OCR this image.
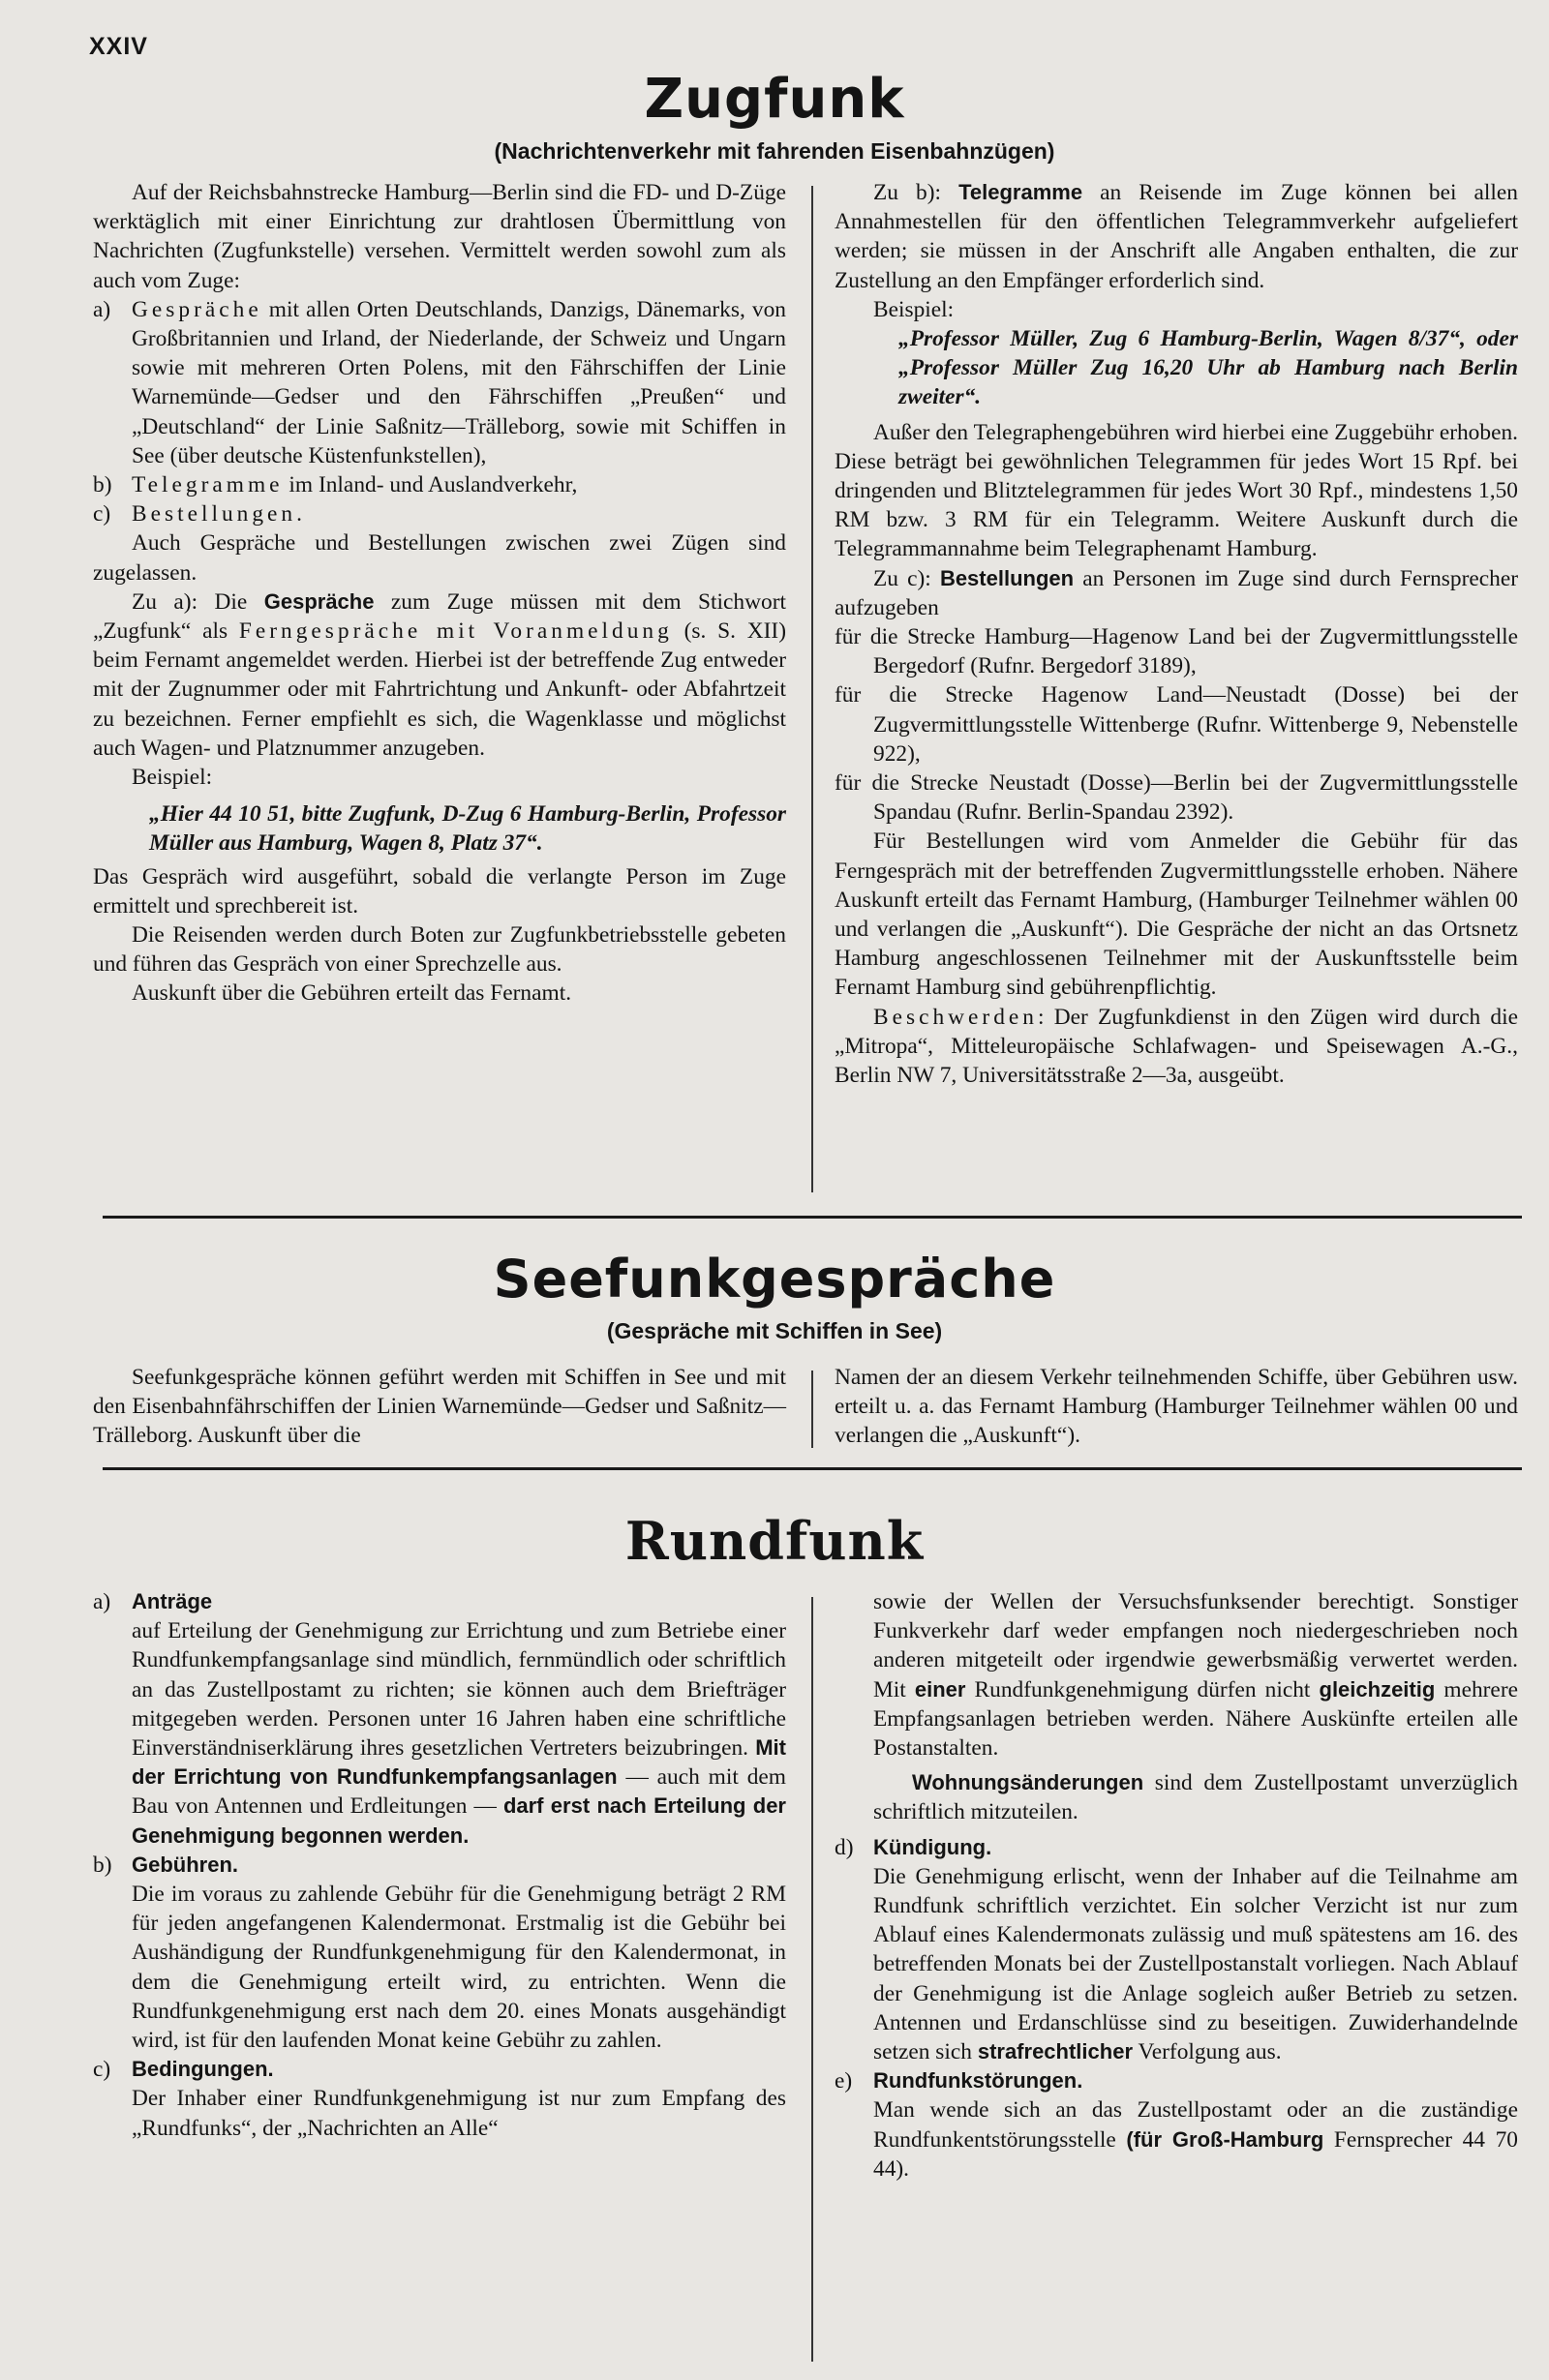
XXIV
Zugfunk
(Nachrichtenverkehr mit fahrenden Eisenbahnzügen)

Auf der Reichsbahnstrecke Hamburg—Berlin sind die FD- und D-Züge werktäglich mit einer Einrichtung zur drahtlosen Übermittlung von Nachrichten (Zugfunkstelle) versehen. Vermittelt werden sowohl zum als auch vom Zuge:

a) Gespräche mit allen Orten Deutschlands, Danzigs, Dänemarks, von Großbritannien und Irland, der Niederlande, der Schweiz und Ungarn sowie mit mehreren Orten Polens, mit den Fährschiffen der Linie Warnemünde—Gedser und den Fährschiffen „Preußen“ und „Deutschland“ der Linie Saßnitz—Trälleborg, sowie mit Schiffen in See (über deutsche Küstenfunkstellen),
b) Telegramme im Inland- und Auslandverkehr,
c) Bestellungen.

Auch Gespräche und Bestellungen zwischen zwei Zügen sind zugelassen.

Zu a): Die Gespräche zum Zuge müssen mit dem Stichwort „Zugfunk“ als Ferngespräche mit Voranmeldung (s. S. XII) beim Fernamt angemeldet werden. Hierbei ist der betreffende Zug entweder mit der Zugnummer oder mit Fahrtrichtung und Ankunft- oder Abfahrtzeit zu bezeichnen. Ferner empfiehlt es sich, die Wagenklasse und möglichst auch Wagen- und Platznummer anzugeben.

Beispiel:

„Hier 44 10 51, bitte Zugfunk, D-Zug 6 Hamburg-Berlin, Professor Müller aus Hamburg, Wagen 8, Platz 37“.

Das Gespräch wird ausgeführt, sobald die verlangte Person im Zuge ermittelt und sprechbereit ist.

Die Reisenden werden durch Boten zur Zugfunkbetriebsstelle gebeten und führen das Gespräch von einer Sprechzelle aus.

Auskunft über die Gebühren erteilt das Fernamt.

Zu b): Telegramme an Reisende im Zuge können bei allen Annahmestellen für den öffentlichen Telegrammverkehr aufgeliefert werden; sie müssen in der Anschrift alle Angaben enthalten, die zur Zustellung an den Empfänger erforderlich sind.

Beispiel:

„Professor Müller, Zug 6 Hamburg-Berlin, Wagen 8/37“, oder „Professor Müller Zug 16,20 Uhr ab Hamburg nach Berlin zweiter“.

Außer den Telegraphengebühren wird hierbei eine Zuggebühr erhoben. Diese beträgt bei gewöhnlichen Telegrammen für jedes Wort 15 Rpf. bei dringenden und Blitztelegrammen für jedes Wort 30 Rpf., mindestens 1,50 RM bzw. 3 RM für ein Telegramm. Weitere Auskunft durch die Telegrammannahme beim Telegraphenamt Hamburg.

Zu c): Bestellungen an Personen im Zuge sind durch Fernsprecher aufzugeben

für die Strecke Hamburg—Hagenow Land bei der Zugvermittlungsstelle Bergedorf (Rufnr. Bergedorf 3189),

für die Strecke Hagenow Land—Neustadt (Dosse) bei der Zugvermittlungsstelle Wittenberge (Rufnr. Wittenberge 9, Nebenstelle 922),

für die Strecke Neustadt (Dosse)—Berlin bei der Zugvermittlungsstelle Spandau (Rufnr. Berlin-Spandau 2392).

Für Bestellungen wird vom Anmelder die Gebühr für das Ferngespräch mit der betreffenden Zugvermittlungsstelle erhoben. Nähere Auskunft erteilt das Fernamt Hamburg, (Hamburger Teilnehmer wählen 00 und verlangen die „Auskunft“). Die Gespräche der nicht an das Ortsnetz Hamburg angeschlossenen Teilnehmer mit der Auskunftsstelle beim Fernamt Hamburg sind gebührenpflichtig.

Beschwerden: Der Zugfunkdienst in den Zügen wird durch die „Mitropa“, Mitteleuropäische Schlafwagen- und Speisewagen A.-G., Berlin NW 7, Universitätsstraße 2—3a, ausgeübt.

Seefunkgespräche
(Gespräche mit Schiffen in See)

Seefunkgespräche können geführt werden mit Schiffen in See und mit den Eisenbahnfährschiffen der Linien Warnemünde—Gedser und Saßnitz—Trälleborg. Auskunft über die

Namen der an diesem Verkehr teilnehmenden Schiffe, über Gebühren usw. erteilt u. a. das Fernamt Hamburg (Hamburger Teilnehmer wählen 00 und verlangen die „Auskunft“).

Rundfunk
a) Anträge
auf Erteilung der Genehmigung zur Errichtung und zum Betriebe einer Rundfunkempfangsanlage sind mündlich, fernmündlich oder schriftlich an das Zustellpostamt zu richten; sie können auch dem Briefträger mitgegeben werden. Personen unter 16 Jahren haben eine schriftliche Einverständniserklärung ihres gesetzlichen Vertreters beizubringen. Mit der Errichtung von Rundfunkempfangsanlagen — auch mit dem Bau von Antennen und Erdleitungen — darf erst nach Erteilung der Genehmigung begonnen werden.
b) Gebühren.
Die im voraus zu zahlende Gebühr für die Genehmigung beträgt 2 RM für jeden angefangenen Kalendermonat. Erstmalig ist die Gebühr bei Aushändigung der Rundfunkgenehmigung für den Kalendermonat, in dem die Genehmigung erteilt wird, zu entrichten. Wenn die Rundfunkgenehmigung erst nach dem 20. eines Monats ausgehändigt wird, ist für den laufenden Monat keine Gebühr zu zahlen.
c) Bedingungen.
Der Inhaber einer Rundfunkgenehmigung ist nur zum Empfang des „Rundfunks“, der „Nachrichten an Alle“

sowie der Wellen der Versuchsfunksender berechtigt. Sonstiger Funkverkehr darf weder empfangen noch niedergeschrieben noch anderen mitgeteilt oder irgendwie gewerbsmäßig verwertet werden. Mit einer Rundfunkgenehmigung dürfen nicht gleichzeitig mehrere Empfangsanlagen betrieben werden. Nähere Auskünfte erteilen alle Postanstalten.

Wohnungsänderungen sind dem Zustellpostamt unverzüglich schriftlich mitzuteilen.

d) Kündigung.
Die Genehmigung erlischt, wenn der Inhaber auf die Teilnahme am Rundfunk schriftlich verzichtet. Ein solcher Verzicht ist nur zum Ablauf eines Kalendermonats zulässig und muß spätestens am 16. des betreffenden Monats bei der Zustellpostanstalt vorliegen. Nach Ablauf der Genehmigung ist die Anlage sogleich außer Betrieb zu setzen. Antennen und Erdanschlüsse sind zu beseitigen. Zuwiderhandelnde setzen sich strafrechtlicher Verfolgung aus.
e) Rundfunkstörungen.
Man wende sich an das Zustellpostamt oder an die zuständige Rundfunkentstörungsstelle (für Groß-Hamburg Fernsprecher 44 70 44).
